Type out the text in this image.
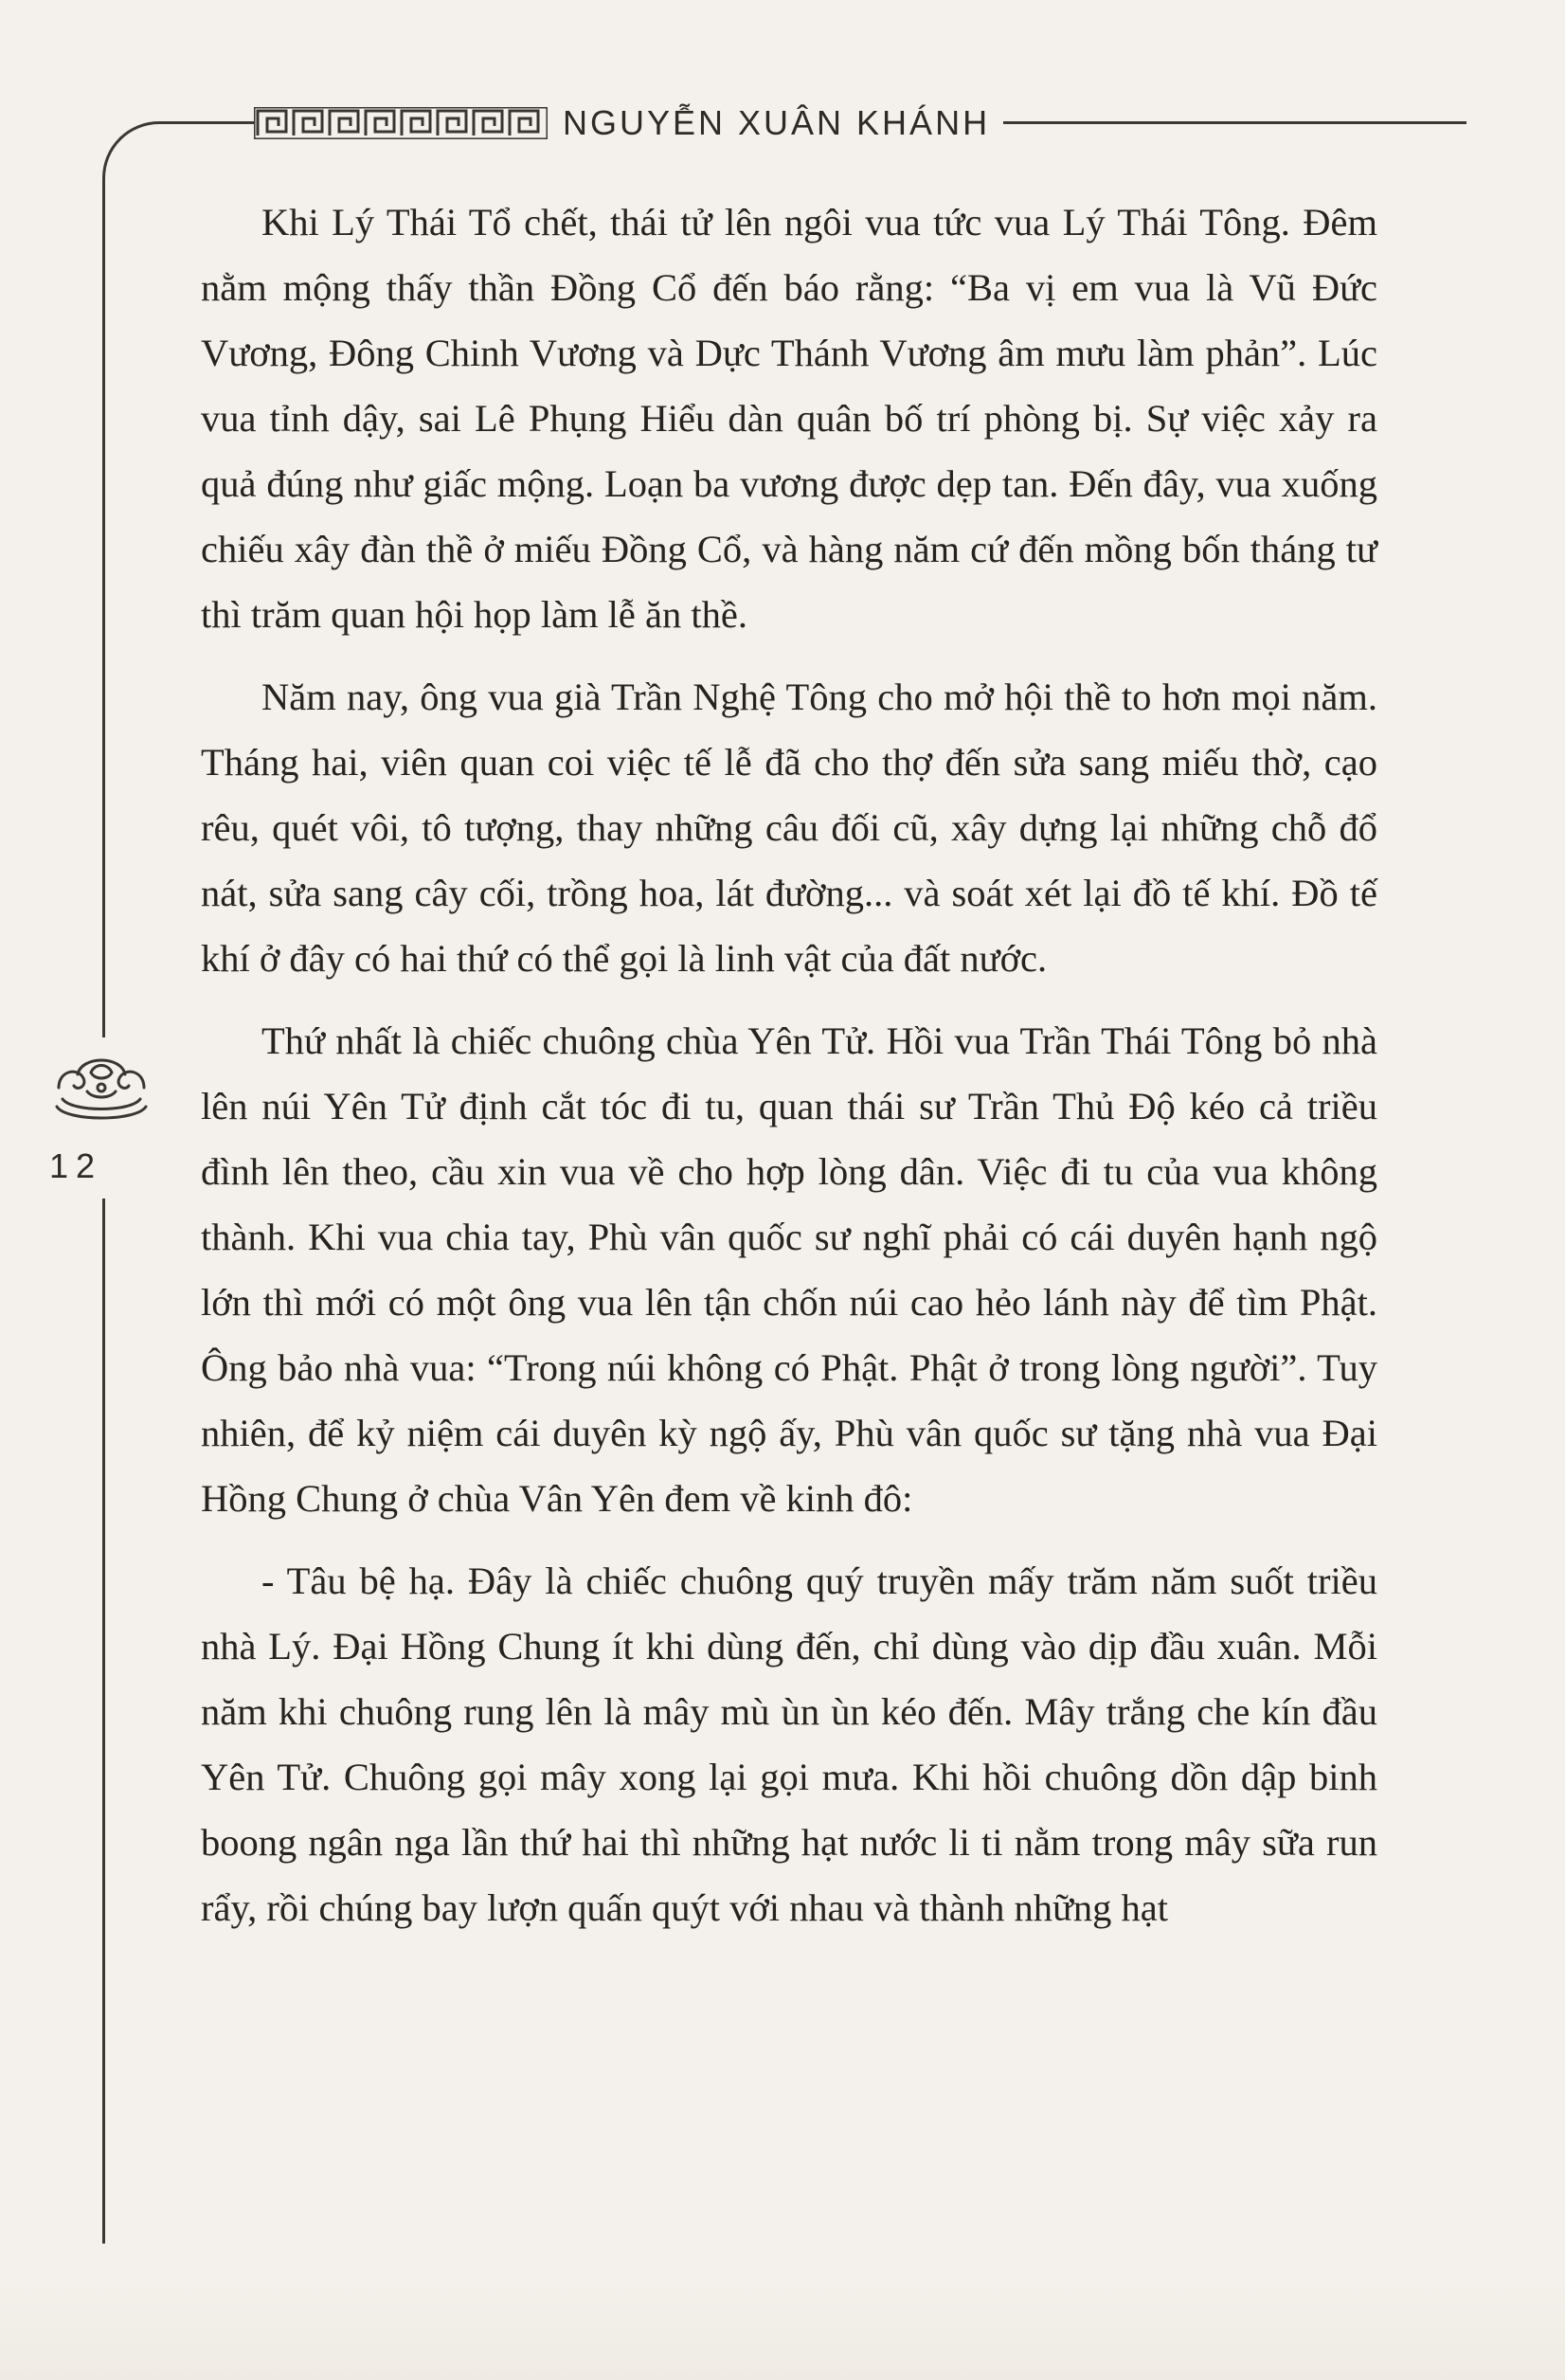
NGUYỄN XUÂN KHÁNH
12

Khi Lý Thái Tổ chết, thái tử lên ngôi vua tức vua Lý Thái Tông. Đêm nằm mộng thấy thần Đồng Cổ đến báo rằng: “Ba vị em vua là Vũ Đức Vương, Đông Chinh Vương và Dực Thánh Vương âm mưu làm phản”. Lúc vua tỉnh dậy, sai Lê Phụng Hiểu dàn quân bố trí phòng bị. Sự việc xảy ra quả đúng như giấc mộng. Loạn ba vương được dẹp tan. Đến đây, vua xuống chiếu xây đàn thề ở miếu Đồng Cổ, và hàng năm cứ đến mồng bốn tháng tư thì trăm quan hội họp làm lễ ăn thề.

Năm nay, ông vua già Trần Nghệ Tông cho mở hội thề to hơn mọi năm. Tháng hai, viên quan coi việc tế lễ đã cho thợ đến sửa sang miếu thờ, cạo rêu, quét vôi, tô tượng, thay những câu đối cũ, xây dựng lại những chỗ đổ nát, sửa sang cây cối, trồng hoa, lát đường... và soát xét lại đồ tế khí. Đồ tế khí ở đây có hai thứ có thể gọi là linh vật của đất nước.

Thứ nhất là chiếc chuông chùa Yên Tử. Hồi vua Trần Thái Tông bỏ nhà lên núi Yên Tử định cắt tóc đi tu, quan thái sư Trần Thủ Độ kéo cả triều đình lên theo, cầu xin vua về cho hợp lòng dân. Việc đi tu của vua không thành. Khi vua chia tay, Phù vân quốc sư nghĩ phải có cái duyên hạnh ngộ lớn thì mới có một ông vua lên tận chốn núi cao hẻo lánh này để tìm Phật. Ông bảo nhà vua: “Trong núi không có Phật. Phật ở trong lòng người”. Tuy nhiên, để kỷ niệm cái duyên kỳ ngộ ấy, Phù vân quốc sư tặng nhà vua Đại Hồng Chung ở chùa Vân Yên đem về kinh đô:

- Tâu bệ hạ. Đây là chiếc chuông quý truyền mấy trăm năm suốt triều nhà Lý. Đại Hồng Chung ít khi dùng đến, chỉ dùng vào dịp đầu xuân. Mỗi năm khi chuông rung lên là mây mù ùn ùn kéo đến. Mây trắng che kín đầu Yên Tử. Chuông gọi mây xong lại gọi mưa. Khi hồi chuông dồn dập binh boong ngân nga lần thứ hai thì những hạt nước li ti nằm trong mây sữa run rẩy, rồi chúng bay lượn quấn quýt với nhau và thành những hạt
